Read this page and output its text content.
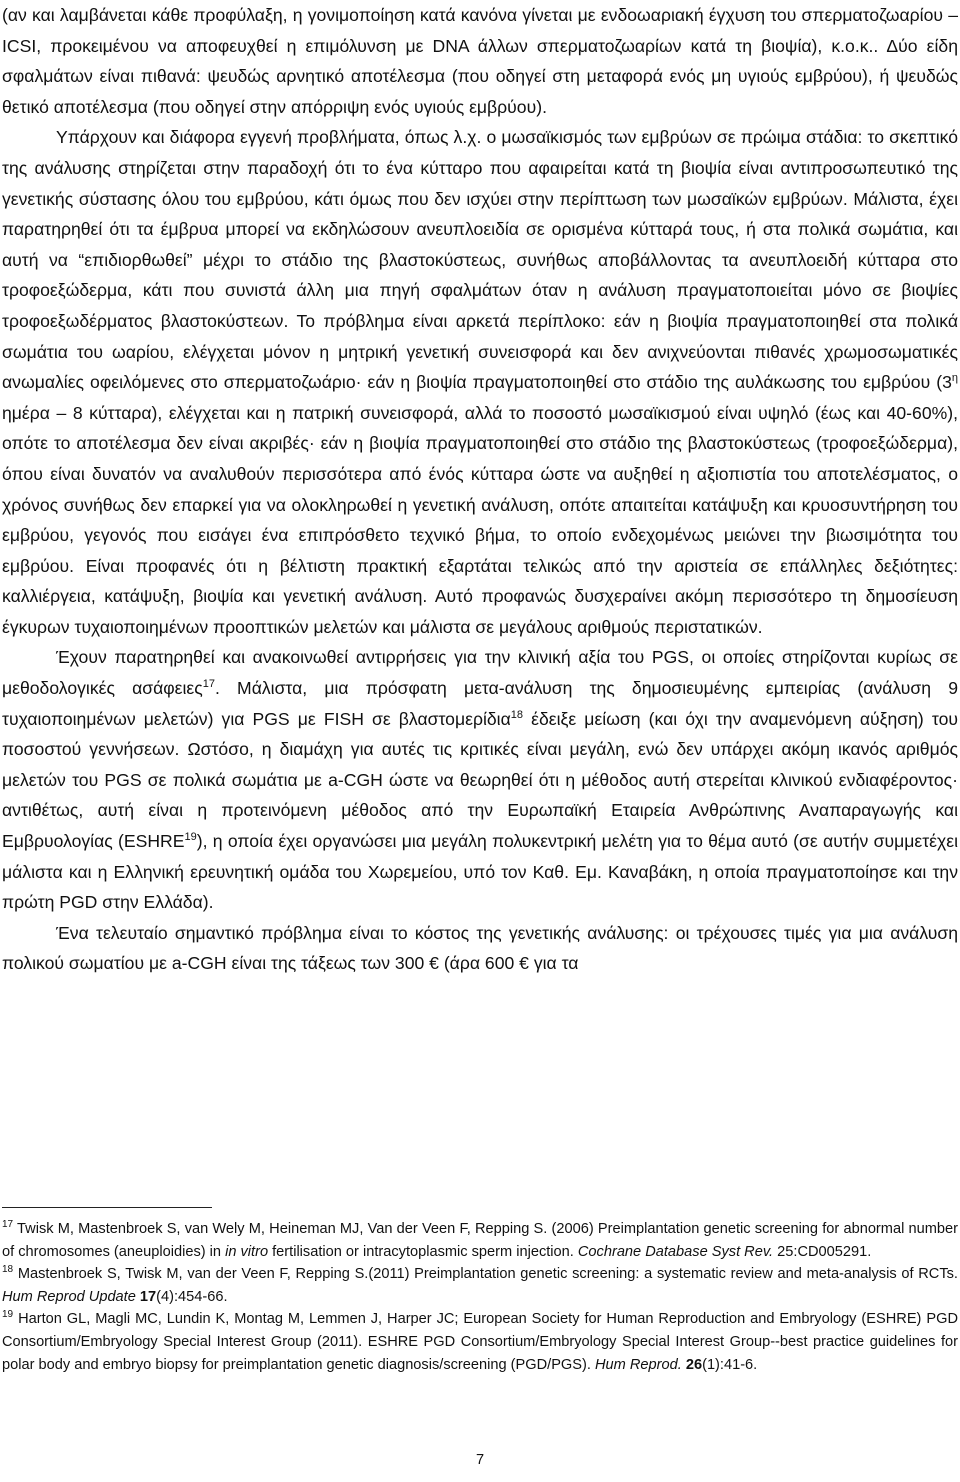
(αν και λαμβάνεται κάθε προφύλαξη, η γονιμοποίηση κατά κανόνα γίνεται με ενδοωαριακή έγχυση του σπερματοζωαρίου – ICSI, προκειμένου να αποφευχθεί η επιμόλυνση με DNA άλλων σπερματοζωαρίων κατά τη βιοψία), κ.ο.κ.. Δύο είδη σφαλμάτων είναι πιθανά: ψευδώς αρνητικό αποτέλεσμα (που οδηγεί στη μεταφορά ενός μη υγιούς εμβρύου), ή ψευδώς θετικό αποτέλεσμα (που οδηγεί στην απόρριψη ενός υγιούς εμβρύου).

Υπάρχουν και διάφορα εγγενή προβλήματα, όπως λ.χ. ο μωσαϊκισμός των εμβρύων σε πρώιμα στάδια: το σκεπτικό της ανάλυσης στηρίζεται στην παραδοχή ότι το ένα κύτταρο που αφαιρείται κατά τη βιοψία είναι αντιπροσωπευτικό της γενετικής σύστασης όλου του εμβρύου, κάτι όμως που δεν ισχύει στην περίπτωση των μωσαϊκών εμβρύων. Μάλιστα, έχει παρατηρηθεί ότι τα έμβρυα μπορεί να εκδηλώσουν ανευπλοειδία σε ορισμένα κύτταρά τους, ή στα πολικά σωμάτια, και αυτή να “επιδιορθωθεί” μέχρι το στάδιο της βλαστοκύστεως, συνήθως αποβάλλοντας τα ανευπλοειδή κύτταρα στο τροφοεξώδερμα, κάτι που συνιστά άλλη μια πηγή σφαλμάτων όταν η ανάλυση πραγματοποιείται μόνο σε βιοψίες τροφοεξωδέρματος βλαστοκύστεων. Το πρόβλημα είναι αρκετά περίπλοκο: εάν η βιοψία πραγματοποιηθεί στα πολικά σωμάτια του ωαρίου, ελέγχεται μόνον η μητρική γενετική συνεισφορά και δεν ανιχνεύονται πιθανές χρωμοσωματικές ανωμαλίες οφειλόμενες στο σπερματοζωάριο· εάν η βιοψία πραγματοποιηθεί στο στάδιο της αυλάκωσης του εμβρύου ($3^\eta$ ημέρα – 8 κύτταρα), ελέγχεται και η πατρική συνεισφορά, αλλά το ποσοστό μωσαϊκισμού είναι υψηλό (έως και 40-60%), οπότε το αποτέλεσμα δεν είναι ακριβές· εάν η βιοψία πραγματοποιηθεί στο στάδιο της βλαστοκύστεως (τροφοεξώδερμα), όπου είναι δυνατόν να αναλυθούν περισσότερα από ένός κύτταρα ώστε να αυξηθεί η αξιοπιστία του αποτελέσματος, ο χρόνος συνήθως δεν επαρκεί για να ολοκληρωθεί η γενετική ανάλυση, οπότε απαιτείται κατάψυξη και κρυοσυντήρηση του εμβρύου, γεγονός που εισάγει ένα επιπρόσθετο τεχνικό βήμα, το οποίο ενδεχομένως μειώνει την βιωσιμότητα του εμβρύου. Είναι προφανές ότι η βέλτιστη πρακτική εξαρτάται τελικώς από την αριστεία σε επάλληλες δεξιότητες: καλλιέργεια, κατάψυξη, βιοψία και γενετική ανάλυση. Αυτό προφανώς δυσχεραίνει ακόμη περισσότερο τη δημοσίευση έγκυρων τυχαιοποιημένων προοπτικών μελετών και μάλιστα σε μεγάλους αριθμούς περιστατικών.

Έχουν παρατηρηθεί και ανακοινωθεί αντιρρήσεις για την κλινική αξία του PGS, οι οποίες στηρίζονται κυρίως σε μεθοδολογικές ασάφειες$^{17}$. Μάλιστα, μια πρόσφατη μετα-ανάλυση της δημοσιευμένης εμπειρίας (ανάλυση 9 τυχαιοποιημένων μελετών) για PGS με FISH σε βλαστομερίδια$^{18}$ έδειξε μείωση (και όχι την αναμενόμενη αύξηση) του ποσοστού γεννήσεων. Ωστόσο, η διαμάχη για αυτές τις κριτικές είναι μεγάλη, ενώ δεν υπάρχει ακόμη ικανός αριθμός μελετών του PGS σε πολικά σωμάτια με a-CGH ώστε να θεωρηθεί ότι η μέθοδος αυτή στερείται κλινικού ενδιαφέροντος· αντιθέτως, αυτή είναι η προτεινόμενη μέθοδος από την Ευρωπαϊκή Εταιρεία Ανθρώπινης Αναπαραγωγής και Εμβρυολογίας (ESHRE$^{19}$), η οποία έχει οργανώσει μια μεγάλη πολυκεντρική μελέτη για το θέμα αυτό (σε αυτήν συμμετέχει μάλιστα και η Ελληνική ερευνητική ομάδα του Χωρεμείου, υπό τον Καθ. Εμ. Καναβάκη, η οποία πραγματοποίησε και την πρώτη PGD στην Ελλάδα).

Ένα τελευταίο σημαντικό πρόβλημα είναι το κόστος της γενετικής ανάλυσης: οι τρέχουσες τιμές για μια ανάλυση πολικού σωματίου με a-CGH είναι της τάξεως των 300 € (άρα 600 € για τα

$^{17}$ Twisk M, Mastenbroek S, van Wely M, Heineman MJ, Van der Veen F, Repping S. (2006) Preimplantation genetic screening for abnormal number of chromosomes (aneuploidies) in in vitro fertilisation or intracytoplasmic sperm injection. Cochrane Database Syst Rev. 25:CD005291.

$^{18}$ Mastenbroek S, Twisk M, van der Veen F, Repping S.(2011) Preimplantation genetic screening: a systematic review and meta-analysis of RCTs. Hum Reprod Update 17(4):454-66.

$^{19}$ Harton GL, Magli MC, Lundin K, Montag M, Lemmen J, Harper JC; European Society for Human Reproduction and Embryology (ESHRE) PGD Consortium/Embryology Special Interest Group (2011). ESHRE PGD Consortium/Embryology Special Interest Group--best practice guidelines for polar body and embryo biopsy for preimplantation genetic diagnosis/screening (PGD/PGS). Hum Reprod. 26(1):41-6.

7
